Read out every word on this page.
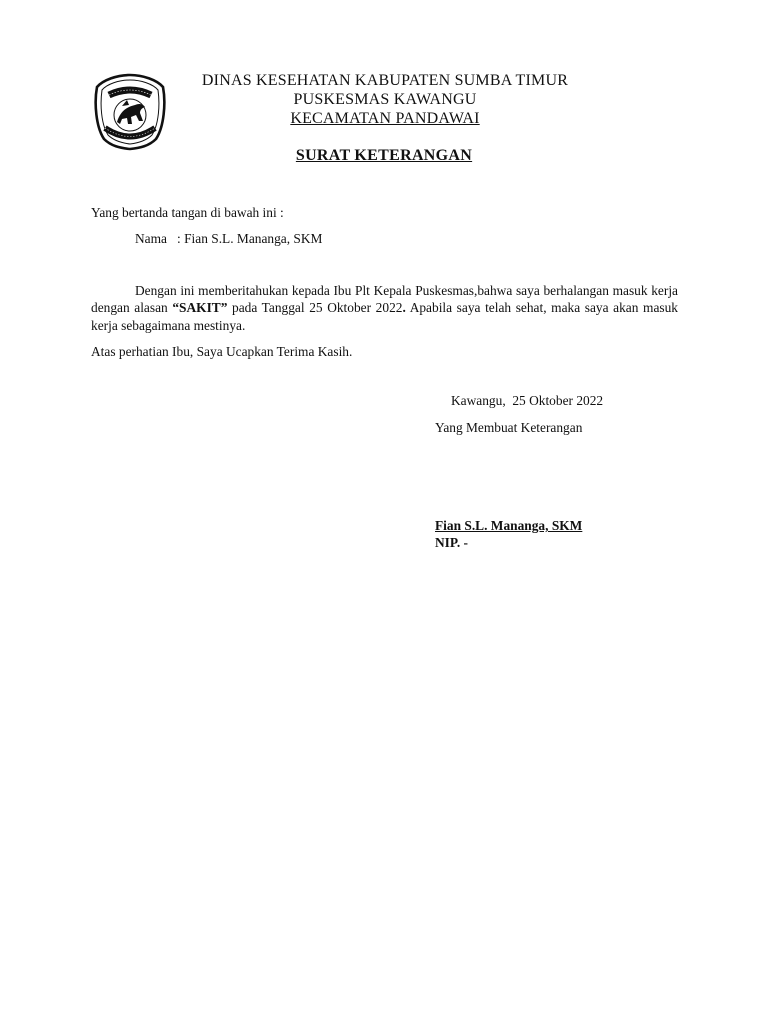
DINAS KESEHATAN KABUPATEN SUMBA TIMUR
PUSKESMAS KAWANGU
KECAMATAN PANDAWAI
SURAT KETERANGAN
Yang bertanda tangan di bawah ini :
Nama : Fian S.L. Mananga, SKM
Dengan ini memberitahukan kepada Ibu Plt Kepala Puskesmas,bahwa saya berhalangan masuk kerja dengan alasan “SAKIT” pada Tanggal 25 Oktober 2022. Apabila saya telah sehat, maka saya akan masuk kerja sebagaimana mestinya.
Atas perhatian Ibu, Saya Ucapkan Terima Kasih.
Kawangu,  25 Oktober 2022
Yang Membuat Keterangan
Fian S.L. Mananga, SKM
NIP. -
